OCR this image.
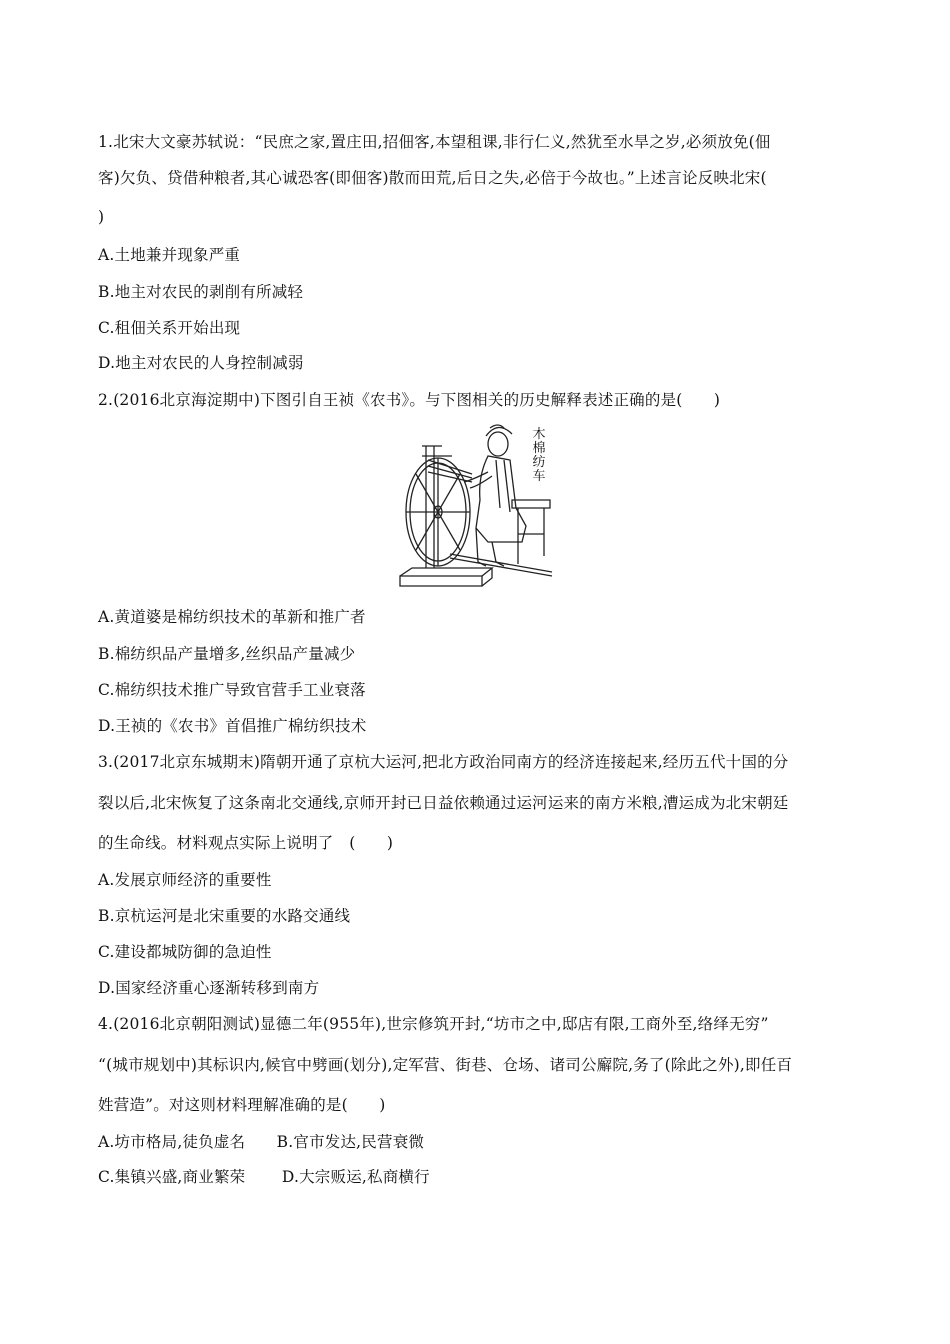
1.北宋大文豪苏轼说：“民庶之家,置庄田,招佃客,本望租课,非行仁义,然犹至水旱之岁,必须放免(佃
客)欠负、贷借种粮者,其心诚恐客(即佃客)散而田荒,后日之失,必倍于今故也。”上述言论反映北宋(
)
A.土地兼并现象严重
B.地主对农民的剥削有所减轻
C.租佃关系开始出现
D.地主对农民的人身控制减弱
2.(2016北京海淀期中)下图引自王祯《农书》。与下图相关的历史解释表述正确的是(　　)
木
棉
纺
车
A.黄道婆是棉纺织技术的革新和推广者
B.棉纺织品产量增多,丝织品产量减少
C.棉纺织技术推广导致官营手工业衰落
D.王祯的《农书》首倡推广棉纺织技术
3.(2017北京东城期末)隋朝开通了京杭大运河,把北方政治同南方的经济连接起来,经历五代十国的分
裂以后,北宋恢复了这条南北交通线,京师开封已日益依赖通过运河运来的南方米粮,漕运成为北宋朝廷
的生命线。材料观点实际上说明了　(　　)
A.发展京师经济的重要性
B.京杭运河是北宋重要的水路交通线
C.建设都城防御的急迫性
D.国家经济重心逐渐转移到南方
4.(2016北京朝阳测试)显德二年(955年),世宗修筑开封,“坊市之中,邸店有限,工商外至,络绎无穷”
“(城市规划中)其标识内,候官中劈画(划分),定军营、街巷、仓场、诸司公廨院,务了(除此之外),即任百
姓营造”。对这则材料理解准确的是(　　)
A.坊市格局,徒负虚名　　B.官市发达,民营衰微
C.集镇兴盛,商业繁荣　　 D.大宗贩运,私商横行
